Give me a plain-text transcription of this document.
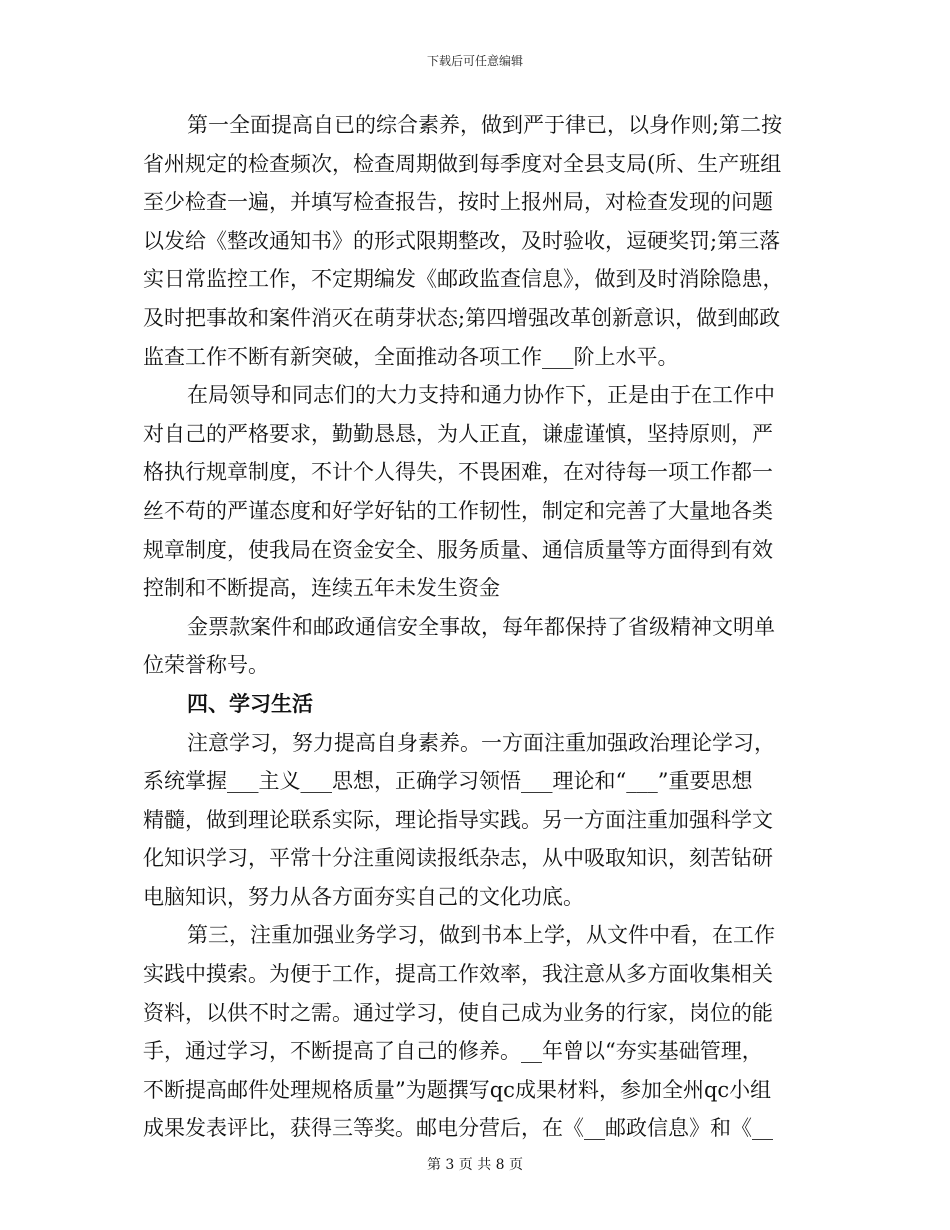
下载后可任意编辑
第一全面提高自已的综合素养，做到严于律已，以身作则;第二按
省州规定的检查频次，检查周期做到每季度对全县支局(所、生产班组
至少检查一遍，并填写检查报告，按时上报州局，对检查发现的问题
以发给《整改通知书》的形式限期整改，及时验收，逗硬奖罚;第三落
实日常监控工作，不定期编发《邮政监查信息》，做到及时消除隐患，
及时把事故和案件消灭在萌芽状态;第四增强改革创新意识，做到邮政
监查工作不断有新突破，全面推动各项工作___阶上水平。
在局领导和同志们的大力支持和通力协作下，正是由于在工作中
对自己的严格要求，勤勤恳恳，为人正直，谦虚谨慎，坚持原则，严
格执行规章制度，不计个人得失，不畏困难，在对待每一项工作都一
丝不苟的严谨态度和好学好钻的工作韧性，制定和完善了大量地各类
规章制度，使我局在资金安全、服务质量、通信质量等方面得到有效
控制和不断提高，连续五年未发生资金
金票款案件和邮政通信安全事故，每年都保持了省级精神文明单
位荣誉称号。
四、学习生活
注意学习，努力提高自身素养。一方面注重加强政治理论学习，
系统掌握___主义___思想，正确学习领悟___理论和“___”重要思想
精髓，做到理论联系实际，理论指导实践。另一方面注重加强科学文
化知识学习，平常十分注重阅读报纸杂志，从中吸取知识，刻苦钻研
电脑知识，努力从各方面夯实自己的文化功底。
第三，注重加强业务学习，做到书本上学，从文件中看，在工作
实践中摸索。为便于工作，提高工作效率，我注意从多方面收集相关
资料，以供不时之需。通过学习，使自己成为业务的行家，岗位的能
手，通过学习，不断提高了自己的修养。__年曾以“夯实基础管理，
不断提高邮件处理规格质量”为题撰写qc成果材料，参加全州qc小组
成果发表评比，获得三等奖。邮电分营后，在《__邮政信息》和《__
第 3 页 共 8 页
